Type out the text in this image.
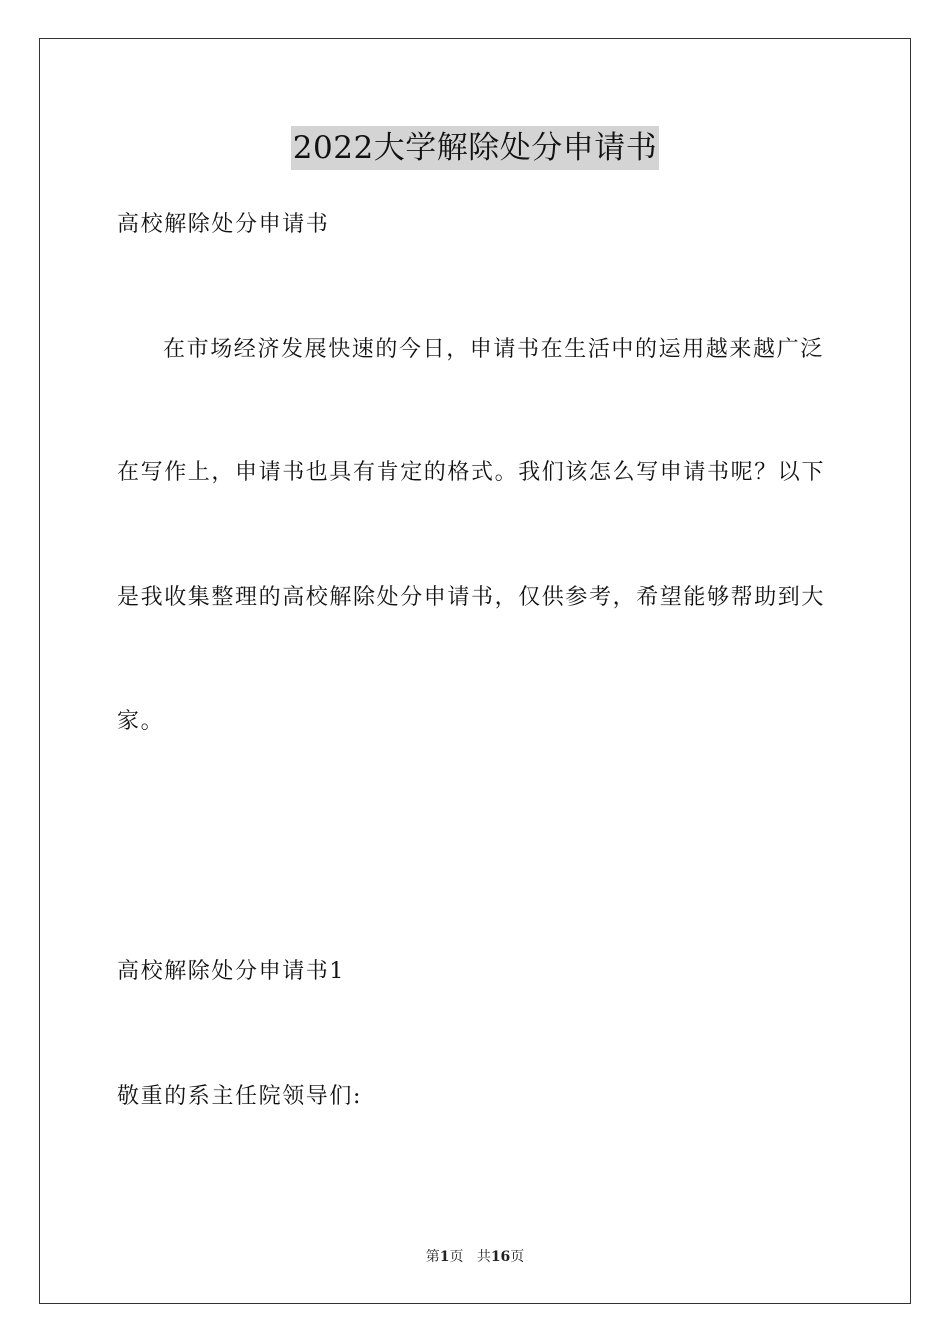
2022大学解除处分申请书
高校解除处分申请书
在市场经济发展快速的今日，申请书在生活中的运用越来越广泛
在写作上，申请书也具有肯定的格式。我们该怎么写申请书呢？以下
是我收集整理的高校解除处分申请书，仅供参考，希望能够帮助到大
家。
高校解除处分申请书1
敬重的系主任院领导们:
第1页 共16页
